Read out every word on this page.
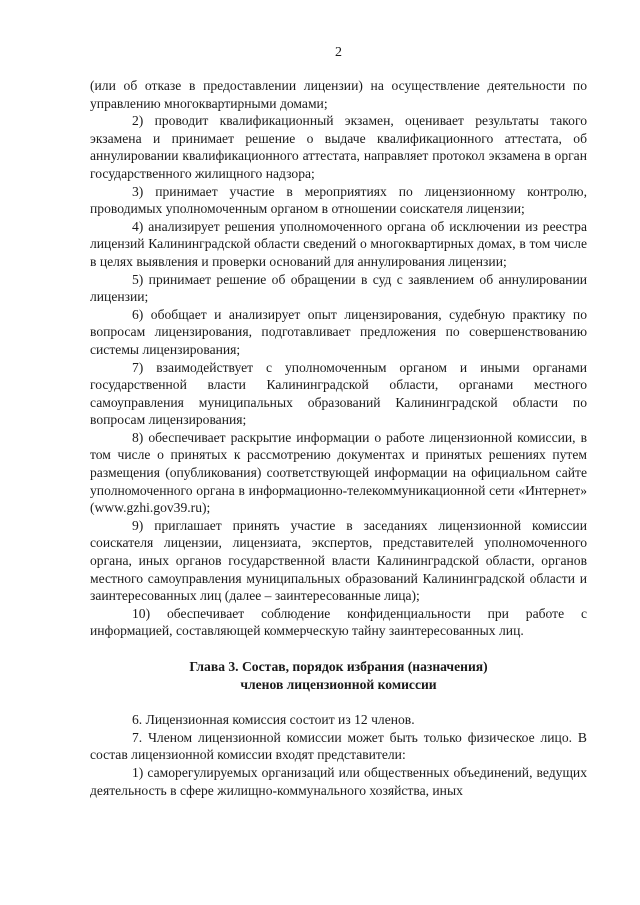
2

(или об отказе в предоставлении лицензии) на осуществление деятельности по управлению многоквартирными домами;

2) проводит квалификационный экзамен, оценивает результаты такого экзамена и принимает решение о выдаче квалификационного аттестата, об аннулировании квалификационного аттестата, направляет протокол экзамена в орган государственного жилищного надзора;

3) принимает участие в мероприятиях по лицензионному контролю, проводимых уполномоченным органом в отношении соискателя лицензии;

4) анализирует решения уполномоченного органа об исключении из реестра лицензий Калининградской области сведений о многоквартирных домах, в том числе в целях выявления и проверки оснований для аннулирования лицензии;

5) принимает решение об обращении в суд с заявлением об аннулировании лицензии;

6) обобщает и анализирует опыт лицензирования, судебную практику по вопросам лицензирования, подготавливает предложения по совершенствованию системы лицензирования;

7) взаимодействует с уполномоченным органом и иными органами государственной власти Калининградской области, органами местного самоуправления муниципальных образований Калининградской области по вопросам лицензирования;

8) обеспечивает раскрытие информации о работе лицензионной комиссии, в том числе о принятых к рассмотрению документах и принятых решениях путем размещения (опубликования) соответствующей информации на официальном сайте уполномоченного органа в информационно-телекоммуникационной сети «Интернет» (www.gzhi.gov39.ru);

9) приглашает принять участие в заседаниях лицензионной комиссии соискателя лицензии, лицензиата, экспертов, представителей уполномоченного органа, иных органов государственной власти Калининградской области, органов местного самоуправления муниципальных образований Калининградской области и заинтересованных лиц (далее – заинтересованные лица);

10) обеспечивает соблюдение конфиденциальности при работе с информацией, составляющей коммерческую тайну заинтересованных лиц.

Глава 3. Состав, порядок избрания (назначения)
членов лицензионной комиссии

6. Лицензионная комиссия состоит из 12 членов.

7. Членом лицензионной комиссии может быть только физическое лицо. В состав лицензионной комиссии входят представители:

1) саморегулируемых организаций или общественных объединений, ведущих деятельность в сфере жилищно-коммунального хозяйства, иных
